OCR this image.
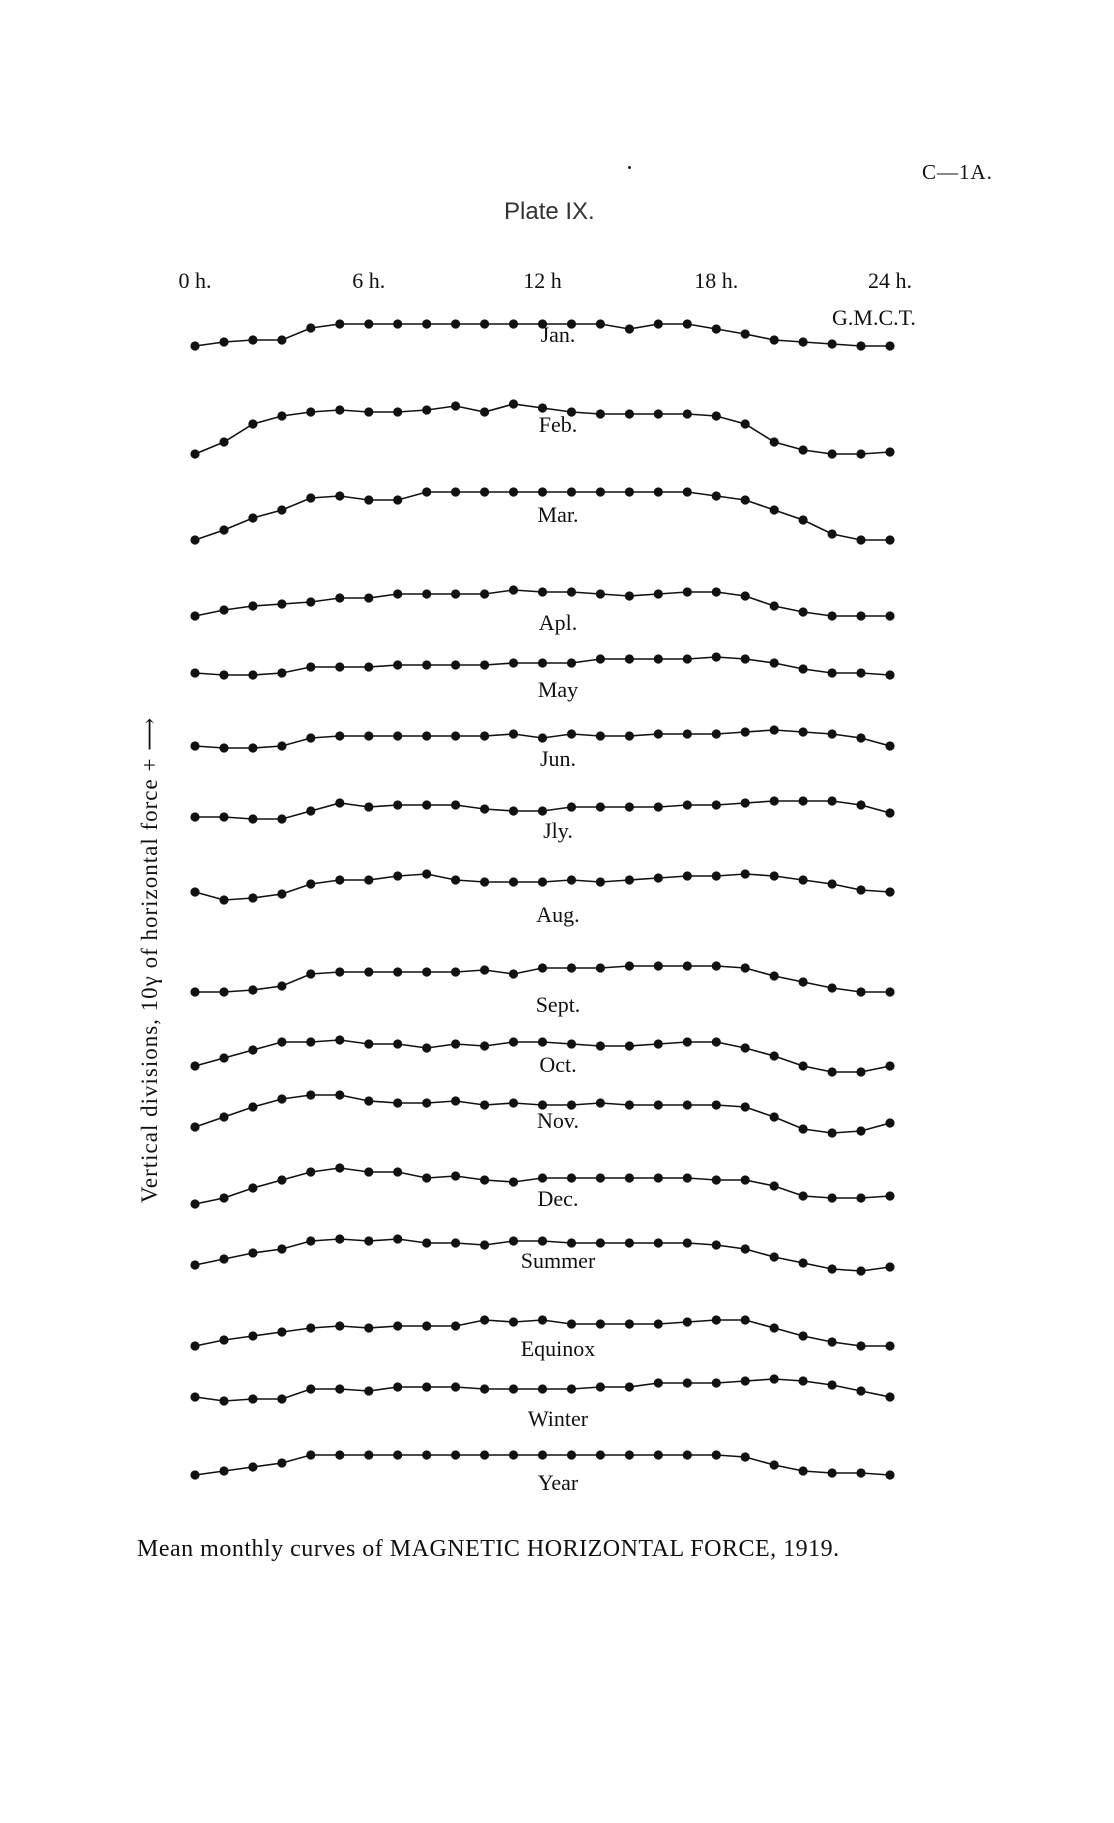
C—1A.
Plate IX.
0 h.	6 h.	12 h	18 h.	24 h.
G.M.C.T.
Jan.
Feb.
Mar.
Apl.
May
Jun.
Jly.
Aug.
Sept.
Oct.
Nov.
Dec.
Summer
Equinox
Winter
Year
Vertical divisions, 10γ of horizontal force + ⟶
Mean monthly curves of MAGNETIC HORIZONTAL FORCE, 1919.
